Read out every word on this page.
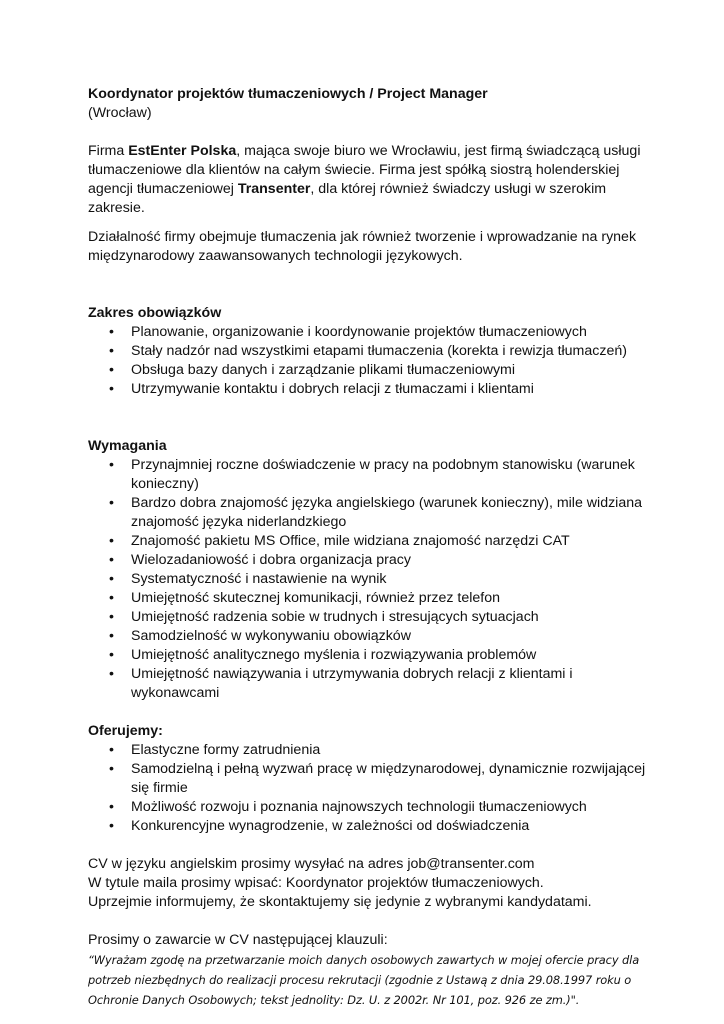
Koordynator projektów tłumaczeniowych / Project Manager

(Wrocław)

Firma EstEnter Polska, mająca swoje biuro we Wrocławiu, jest firmą świadczącą usługi tłumaczeniowe dla klientów na całym świecie. Firma jest spółką siostrą holenderskiej agencji tłumaczeniowej Transenter, dla której również świadczy usługi w szerokim zakresie.

Działalność firmy obejmuje tłumaczenia jak również tworzenie i wprowadzanie na rynek międzynarodowy zaawansowanych technologii językowych.

Zakres obowiązków
• Planowanie, organizowanie i koordynowanie projektów tłumaczeniowych
• Stały nadzór nad wszystkimi etapami tłumaczenia (korekta i rewizja tłumaczeń)
• Obsługa bazy danych i zarządzanie plikami tłumaczeniowymi
• Utrzymywanie kontaktu i dobrych relacji z tłumaczami i klientami
Wymagania
• Przynajmniej roczne doświadczenie w pracy na podobnym stanowisku (warunek konieczny)
• Bardzo dobra znajomość języka angielskiego (warunek konieczny), mile widziana znajomość języka niderlandzkiego
• Znajomość pakietu MS Office, mile widziana znajomość narzędzi CAT
• Wielozadaniowość i dobra organizacja pracy
• Systematyczność i nastawienie na wynik
• Umiejętność skutecznej komunikacji, również przez telefon
• Umiejętność radzenia sobie w trudnych i stresujących sytuacjach
• Samodzielność w wykonywaniu obowiązków
• Umiejętność analitycznego myślenia i rozwiązywania problemów
• Umiejętność nawiązywania i utrzymywania dobrych relacji z klientami i wykonawcami
Oferujemy:
• Elastyczne formy zatrudnienia
• Samodzielną i pełną wyzwań pracę w międzynarodowej, dynamicznie rozwijającej się firmie
• Możliwość rozwoju i poznania najnowszych technologii tłumaczeniowych
• Konkurencyjne wynagrodzenie, w zależności od doświadczenia

CV w języku angielskim prosimy wysyłać na adres job@transenter.com

W tytule maila prosimy wpisać: Koordynator projektów tłumaczeniowych.

Uprzejmie informujemy, że skontaktujemy się jedynie z wybranymi kandydatami.

Prosimy o zawarcie w CV następującej klauzuli:

“Wyrażam zgodę na przetwarzanie moich danych osobowych zawartych w mojej ofercie pracy dla potrzeb niezbędnych do realizacji procesu rekrutacji (zgodnie z Ustawą z dnia 29.08.1997 roku o Ochronie Danych Osobowych; tekst jednolity: Dz. U. z 2002r. Nr 101, poz. 926 ze zm.)".
